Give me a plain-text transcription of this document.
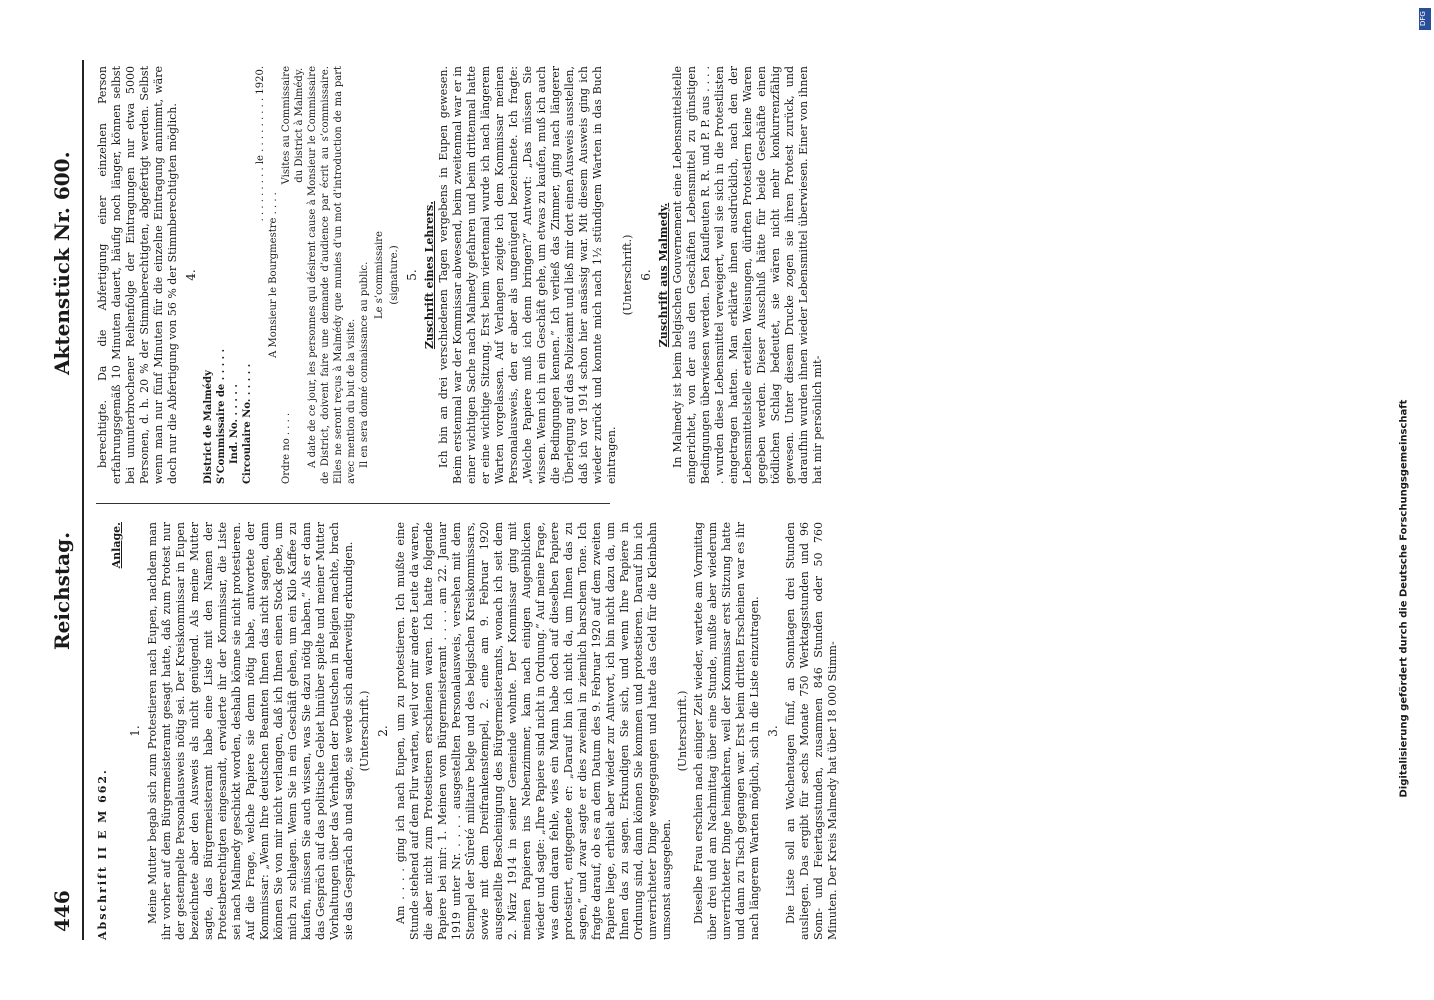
446
Reichstag.
Aktenstück Nr. 600.
Abschrift II E M 662.
Anlage.
1. Meine Mutter begab sich zum Protestieren nach Eupen, nachdem man ihr vorher auf dem Bürgermeisteramt gesagt hatte, daß zum Protest nur der gestempelte Personalausweis nötig sei. Der Kreiskommissar in Eupen bezeichnete aber den Ausweis als nicht genügend. Als meine Mutter sagte, das Bürgermeisteramt habe eine Liste mit den Namen der Protestberechtigten eingesandt, erwiderte ihr der Kommissar, die Liste sei nach Malmedy geschickt worden, deshalb könne sie nicht protestieren. Auf die Frage, welche Papiere sie denn nötig habe, antwortete der Kommissar: „Wenn Ihre deutschen Beamten Ihnen das nicht sagen, dann können Sie von mir nicht verlangen, daß ich Ihnen einen Stock gebe, um mich zu schlagen. Wenn Sie in ein Geschäft gehen, um ein Kilo Kaffee zu kaufen, müssen Sie auch wissen, was Sie dazu nötig haben.“ Als er dann das Gespräch auf das politische Gebiet hinüber spielte und meiner Mutter Vorhaltungen über das Verhalten der Deutschen in Belgien machte, brach sie das Gespräch ab und sagte, sie werde sich anderweitig erkundigen. (Unterschrift.) 2. Am . . . . ging ich nach Eupen, um zu protestieren. Ich mußte eine Stunde stehend auf dem Flur warten, weil vor mir andere Leute da waren, die aber nicht zum Protestieren erschienen waren. Ich hatte folgende Papiere bei mir: 1. Meinen vom Bürgermeisteramt . . . . am 22. Januar 1919 unter Nr. . . . . ausgestellten Personalausweis, versehen mit dem Stempel der Sûreté militaire belge und des belgischen Kreiskommissars, sowie mit dem Dreifrankenstempel, 2. eine am 9. Februar 1920 ausgestellte Bescheinigung des Bürgermeisteramts, wonach ich seit dem 2. März 1914 in seiner Gemeinde wohnte. Der Kommissar ging mit meinen Papieren ins Nebenzimmer, kam nach einigen Augenblicken wieder und sagte: „Ihre Papiere sind nicht in Ordnung.“ Auf meine Frage, was denn daran fehle, wies ein Mann habe doch auf dieselben Papiere protestiert, entgegnete er: „Darauf bin ich nicht da, um Ihnen das zu sagen,“ und zwar sagte er dies zweimal in ziemlich barschem Tone. Ich fragte darauf, ob es an dem Datum des 9. Februar 1920 auf dem zweiten Papiere liege, erhielt aber wieder zur Antwort, ich bin nicht dazu da, um Ihnen das zu sagen. Erkundigen Sie sich, und wenn Ihre Papiere in Ordnung sind, dann können Sie kommen und protestieren. Darauf bin ich unverrichteter Dinge weggegangen und hatte das Geld für die Kleinbahn umsonst ausgegeben.

(Unterschrift.) Dieselbe Frau erschien nach einiger Zeit wieder, wartete am Vormittag über drei und am Nachmittag über eine Stunde, mußte aber wiederum unverrichteter Dinge heimkehren, weil der Kommissar erst Sitzung hatte und dann zu Tisch gegangen war. Erst beim dritten Erscheinen war es ihr nach längerem Warten möglich, sich in die Liste einzutragen. 3. Die Liste soll an Wochentagen fünf, an Sonntagen drei Stunden ausliegen. Das ergibt für sechs Monate 750 Werktagsstunden und 96 Sonn- und Feiertagsstunden, zusammen 846 Stunden oder 50 760 Minuten. Der Kreis Malmedy hat über 18 000 Stimm-

berechtigte. Da die Abfertigung einer einzelnen Person erfahrungsgemäß 10 Minuten dauert, häufig noch länger, können selbst bei ununterbrochener Reihenfolge der Eintragungen nur etwa 5000 Personen, d. h. 20 % der Stimmberechtigten, abgefertigt werden. Selbst wenn man nur fünf Minuten für die einzelne Eintragung annimmt, wäre doch nur die Abfertigung von 56 % der Stimmberechtigten möglich. 4.
District de Malmédy S’Commissaire de . . . . . Ind. No. . . . . . Circoulaire No. . . . . .
. . . . . . . . . le . . . . . . . . . 1920.
A Monsieur le Bourgmestre . . . .
Ordre no . . . .
Visites au Commissaire du District à Malmédy. A date de ce jour, les personnes qui désirent cause à Monsieur le Commissaire de District, doivent faire une demande d’audience par écrit au s’commissaire. Elles ne seront reçus à Malmédy que munies d’un mot d’introduction de ma part avec mention du but de la visite. Il en sera donné connaissance au public. Le s’commissaire (signature.) 5. Zuschrift eines Lehrers. Ich bin an drei verschiedenen Tagen vergebens in Eupen gewesen. Beim erstenmal war der Kommissar abwesend, beim zweitenmal war er in einer wichtigen Sache nach Malmedy gefahren und beim drittenmal hatte er eine wichtige Sitzung. Erst beim viertenmal wurde ich nach längerem Warten vorgelassen. Auf Verlangen zeigte ich dem Kommissar meinen Personalausweis, den er aber als ungenügend bezeichnete. Ich fragte: „Welche Papiere muß ich denn bringen?“ Antwort: „Das müssen Sie wissen. Wenn ich in ein Geschäft gehe, um etwas zu kaufen, muß ich auch die Bedingungen kennen.“ Ich verließ das Zimmer, ging nach längerer Überlegung auf das Polizeiamt und ließ mir dort einen Ausweis ausstellen, daß ich vor 1914 schon hier ansässig war. Mit diesem Ausweis ging ich wieder zurück und konnte mich nach 1½ stündigem Warten in das Buch eintragen.

(Unterschrift.) 6. Zuschrift aus Malmedy. In Malmedy ist beim belgischen Gouvernement eine Lebensmittelstelle eingerichtet, von der aus den Geschäften Lebensmittel zu günstigen Bedingungen überwiesen werden. Den Kaufleuten R. R. und P. P. aus . . . . . wurden diese Lebensmittel verweigert, weil sie sich in die Protestlisten eingetragen hatten. Man erklärte ihnen ausdrücklich, nach den der Lebensmittelstelle erteilten Weisungen, dürften Protestlern keine Waren gegeben werden. Dieser Ausschluß hätte für beide Geschäfte einen tödlichen Schlag bedeutet, sie wären nicht mehr konkurrenzfähig gewesen. Unter diesem Drucke zogen sie ihren Protest zurück, und daraufhin wurden ihnen wieder Lebensmittel überwiesen. Einer von ihnen hat mir persönlich mit-

DFG
Digitalisierung gefördert durch die Deutsche Forschungsgemeinschaft
